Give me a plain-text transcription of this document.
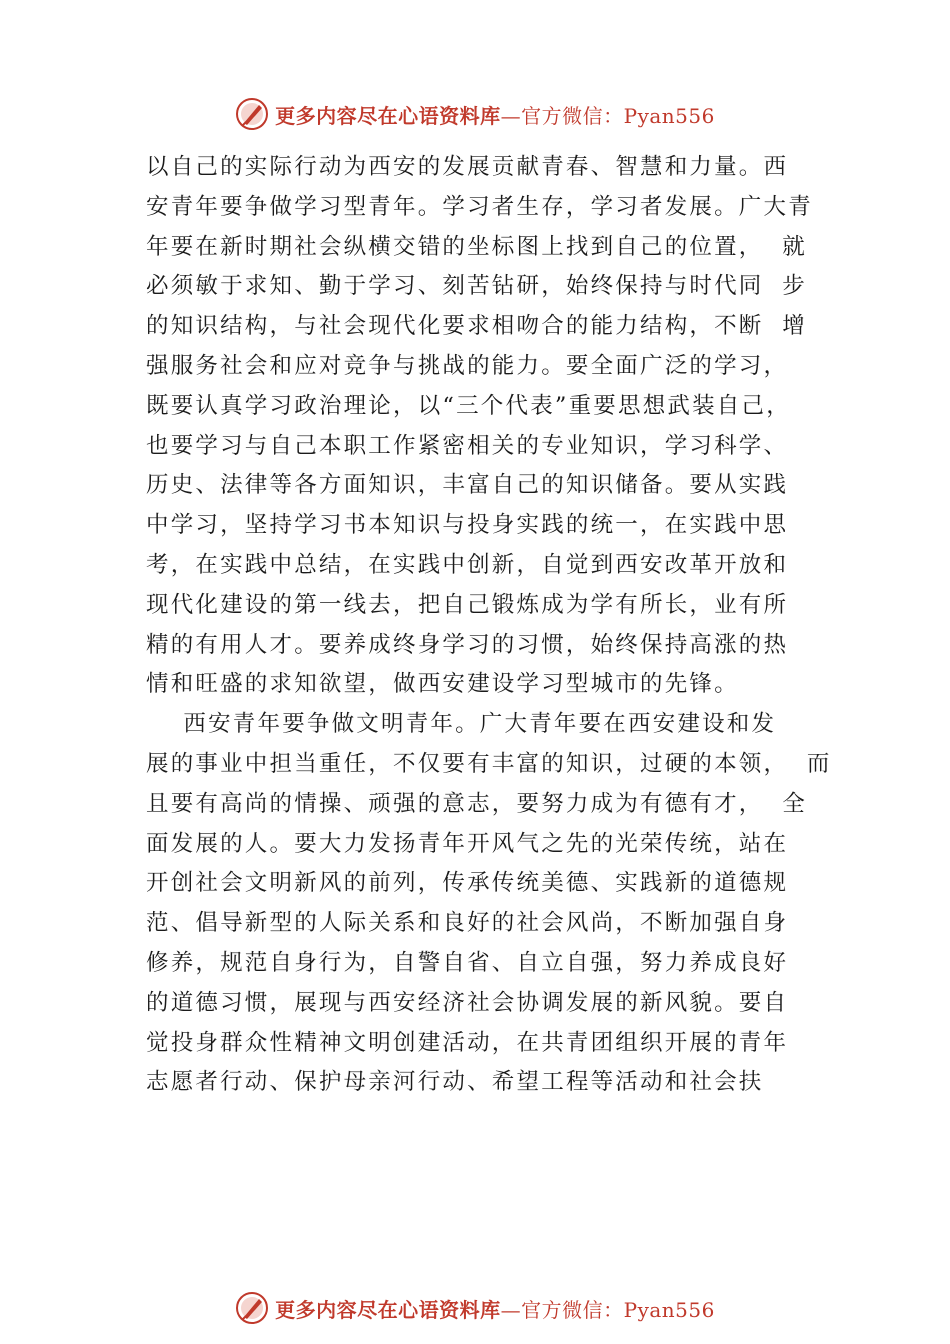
更多内容尽在心语资料库—官方微信：Pyan556
以自己的实际行动为西安的发展贡献青春、智慧和力量。西
安青年要争做学习型青年。学习者生存，学习者发展。广大青
年要在新时期社会纵横交错的坐标图上找到自己的位置，  就
必须敏于求知、勤于学习、刻苦钻研，始终保持与时代同  步
的知识结构，与社会现代化要求相吻合的能力结构，不断  增
强服务社会和应对竞争与挑战的能力。要全面广泛的学习，
既要认真学习政治理论，以“三个代表”重要思想武装自己，
也要学习与自己本职工作紧密相关的专业知识，学习科学、
历史、法律等各方面知识，丰富自己的知识储备。要从实践
中学习，坚持学习书本知识与投身实践的统一，在实践中思
考，在实践中总结，在实践中创新，自觉到西安改革开放和
现代化建设的第一线去，把自己锻炼成为学有所长，业有所
精的有用人才。要养成终身学习的习惯，始终保持高涨的热
情和旺盛的求知欲望，做西安建设学习型城市的先锋。
西安青年要争做文明青年。广大青年要在西安建设和发
展的事业中担当重任，不仅要有丰富的知识，过硬的本领，  而
且要有高尚的情操、顽强的意志，要努力成为有德有才，  全
面发展的人。要大力发扬青年开风气之先的光荣传统，站在
开创社会文明新风的前列，传承传统美德、实践新的道德规
范、倡导新型的人际关系和良好的社会风尚，不断加强自身
修养，规范自身行为，自警自省、自立自强，努力养成良好
的道德习惯，展现与西安经济社会协调发展的新风貌。要自
觉投身群众性精神文明创建活动，在共青团组织开展的青年
志愿者行动、保护母亲河行动、希望工程等活动和社会扶
更多内容尽在心语资料库—官方微信：Pyan556
